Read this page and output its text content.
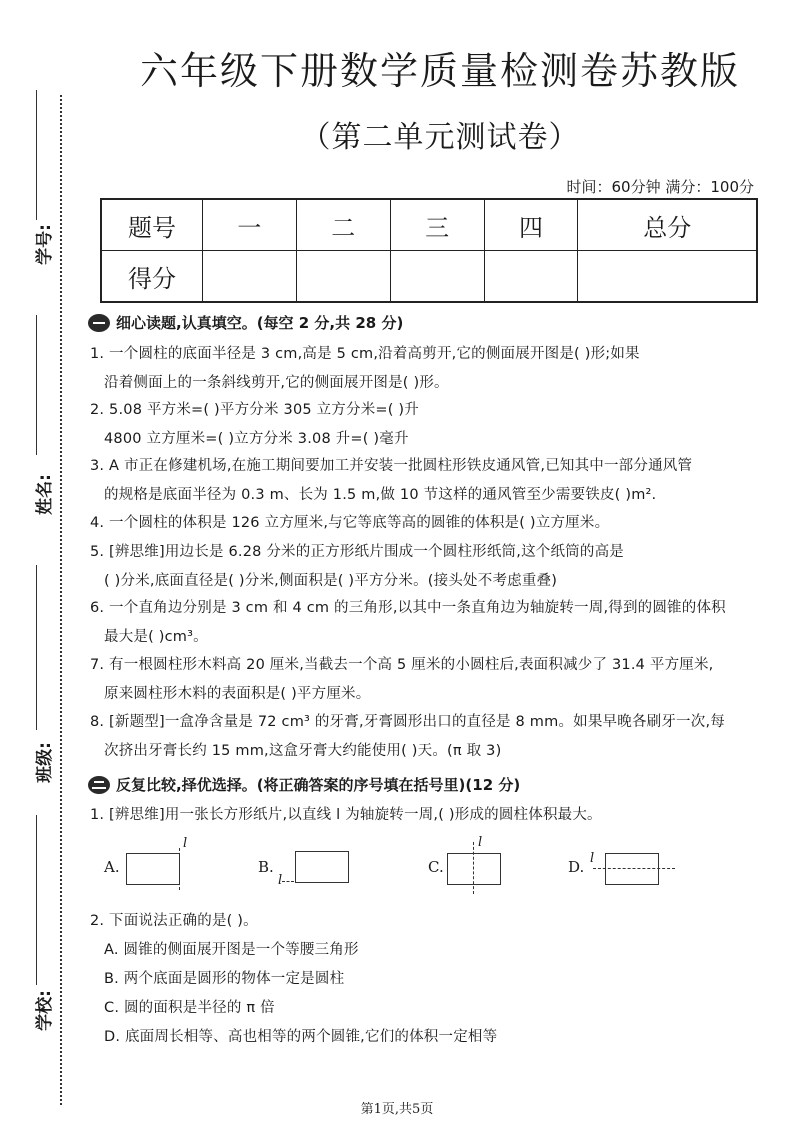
学号:
姓名:
班级:
学校:
六年级下册数学质量检测卷苏教版
（第二单元测试卷）
时间：60分钟 满分：100分
题号	一	二	三	四	总分
得分					
细心读题,认真填空。(每空 2 分,共 28 分)
1. 一个圆柱的底面半径是 3 cm,高是 5 cm,沿着高剪开,它的侧面展开图是( )形;如果
沿着侧面上的一条斜线剪开,它的侧面展开图是( )形。
2. 5.08 平方米=( )平方分米 305 立方分米=( )升
4800 立方厘米=( )立方分米 3.08 升=( )毫升
3. A 市正在修建机场,在施工期间要加工并安装一批圆柱形铁皮通风管,已知其中一部分通风管
的规格是底面半径为 0.3 m、长为 1.5 m,做 10 节这样的通风管至少需要铁皮( )m².
4. 一个圆柱的体积是 126 立方厘米,与它等底等高的圆锥的体积是( )立方厘米。
5. [辨思维]用边长是 6.28 分米的正方形纸片围成一个圆柱形纸筒,这个纸筒的高是
( )分米,底面直径是( )分米,侧面积是( )平方分米。(接头处不考虑重叠)
6. 一个直角边分别是 3 cm 和 4 cm 的三角形,以其中一条直角边为轴旋转一周,得到的圆锥的体积
最大是( )cm³。
7. 有一根圆柱形木料高 20 厘米,当截去一个高 5 厘米的小圆柱后,表面积减少了 31.4 平方厘米,
原来圆柱形木料的表面积是( )平方厘米。
8. [新题型]一盒净含量是 72 cm³ 的牙膏,牙膏圆形出口的直径是 8 mm。如果早晚各刷牙一次,每
次挤出牙膏长约 15 mm,这盒牙膏大约能使用( )天。(π 取 3)
反复比较,择优选择。(将正确答案的序号填在括号里)(12 分)
1. [辨思维]用一张长方形纸片,以直线 l 为轴旋转一周,( )形成的圆柱体积最大。
A.
l
B.
l
C.
l
D. l
2. 下面说法正确的是( )。
A. 圆锥的侧面展开图是一个等腰三角形
B. 两个底面是圆形的物体一定是圆柱
C. 圆的面积是半径的 π 倍
D. 底面周长相等、高也相等的两个圆锥,它们的体积一定相等
第1页,共5页
